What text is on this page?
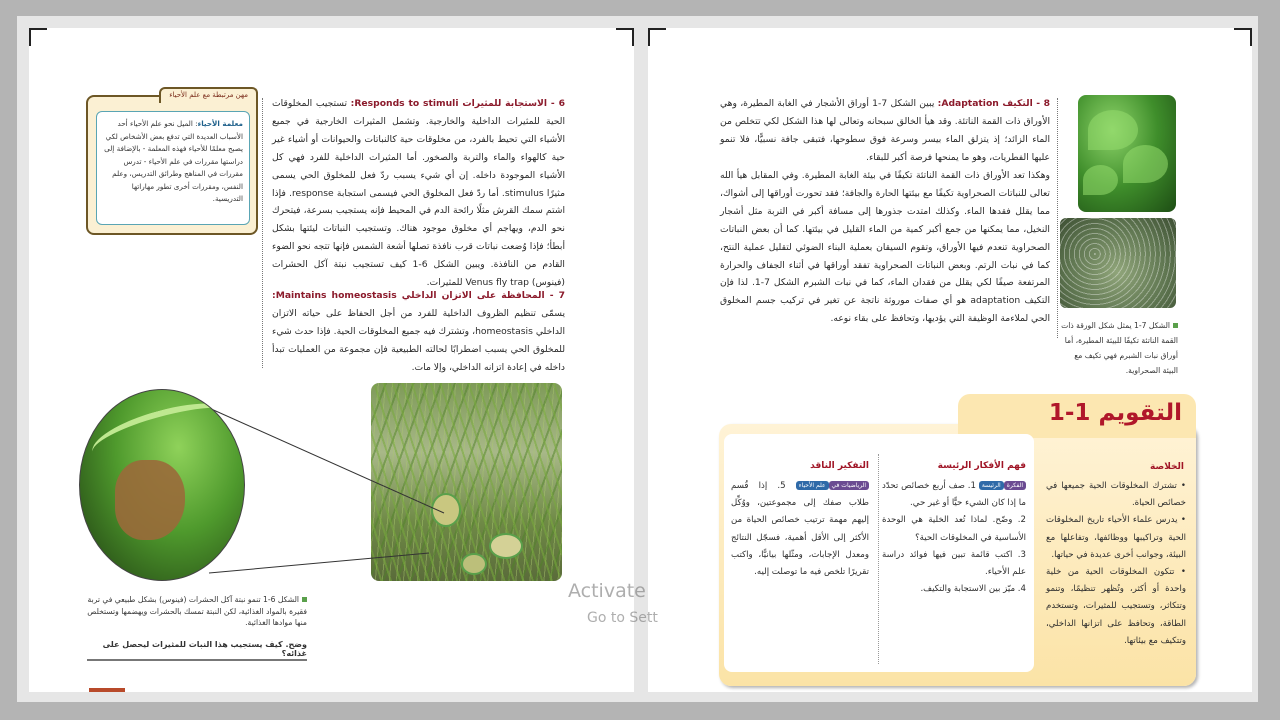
مهن مرتبطة مع علم الأحياء
معلمة الأحياء: الميل نحو علم الأحياء أحد الأسباب العديدة التي تدفع بعض الأشخاص لكي يصبح معلمًا للأحياء فهذه المعلمة - بالإضافة إلى دراستها مقررات في علم الأحياء - تدرس مقررات في المناهج وطرائق التدريس، وعلم النفس، ومقررات أخرى تطور مهاراتها التدريسية.
6 - الاستجابة للمثيرات Responds to stimuli: تستجيب المخلوقات الحية للمثيرات الداخلية والخارجية. وتشمل المثيرات الخارجية في جميع الأشياء التي تحيط بالفرد، من مخلوقات حية كالنباتات والحيوانات أو أشياء غير حية كالهواء والماء والتربة والصخور. أما المثيرات الداخلية للفرد فهي كل الأشياء الموجودة داخله. إن أي شيء يسبب ردّ فعل للمخلوق الحي يسمى مثيرًا stimulus. أما ردّ فعل المخلوق الحي فيسمى استجابة response. فإذا اشتم سمك القرش مثلًا رائحة الدم في المحيط فإنه يستجيب بسرعة، فيتحرك نحو الدم، ويهاجم أي مخلوق موجود هناك. وتستجيب النباتات ليئتها بشكل أبطأ؛ فإذا وُضعت نباتات قرب نافذة تصلها أشعة الشمس فإنها تتجه نحو الضوء القادم من النافذة. ويبين الشكل 6-1 كيف تستجيب نبتة آكل الحشرات (فينوس) Venus fly trap للمثيرات.
7 - المحافظة على الاتزان الداخلي Maintains homeostasis: يسمّى تنظيم الظروف الداخلية للفرد من أجل الحفاظ على حياته الاتزان الداخلي homeostasis، وتشترك فيه جميع المخلوقات الحية. فإذا حدث شيء للمخلوق الحي يسبب اضطرابًا لحالته الطبيعية فإن مجموعة من العمليات تبدأ داخله في إعادة اتزانه الداخلي، وإلا مات.
الشكل 6-1 تنمو نبتة آكل الحشرات (فينوس) بشكل طبيعي في تربة فقيرة بالمواد الغذائية، لكن النبتة تمسك بالحشرات ويهضمها وتستخلص منها موادها الغذائية.
وضح. كيف يستجيب هذا النبات للمثيرات ليحصل على غذائه؟
8 - التكيف Adaptation: يبين الشكل 7-1 أوراق الأشجار في الغابة المطيرة، وهي الأوراق ذات القمة الناتئة. وقد هيأ الخالق سبحانه وتعالى لها هذا الشكل لكي تتخلص من الماء الزائد؛ إذ يتزلق الماء بيسر وسرعة فوق سطوحها، فتبقى جافة نسبيًّا، فلا تنمو عليها الفطريات، وهو ما يمنحها فرصة أكبر للبقاء.
وهكذا تعد الأوراق ذات القمة الناتئة تكيفًا في بيئة الغابة المطيرة. وفي المقابل هيأ الله تعالى للنباتات الصحراوية تكيفًا مع بيئتها الحارة والجافة؛ فقد تحورت أوراقها إلى أشواك، مما يقلل فقدها الماء. وكذلك امتدت جذورها إلى مسافة أكبر في التربة مثل أشجار النخيل، مما يمكنها من جمع أكبر كمية من الماء القليل في بيئتها. كما أن بعض النباتات الصحراوية تنعدم فيها الأوراق، وتقوم السيقان بعملية البناء الضوئي لتقليل عملية النتح، كما في نبات الرتم. وبعض النباتات الصحراوية تفقد أوراقها في أثناء الجفاف والحرارة المرتفعة صيفًا لكي يقلل من فقدان الماء، كما في نبات الشبرم الشكل 7-1. لذا فإن التكيف adaptation هو أي صفات موروثة ناتجة عن تغير في تركيب جسم المخلوق الحي لملاءمة الوظيفة التي يؤديها، وتحافظ على بقاء نوعه.
الشكل 7-1 يمثل شكل الورقة ذات القمة الناتئة تكيفًا للبيئة المطيرة، أما أوراق نبات الشبرم فهي تكيف مع البيئة الصحراوية.
التقويم 1-1
الخلاصة
• تشترك المخلوقات الحية جميعها في خصائص الحياة.
• يدرس علماء الأحياء تاريخ المخلوقات الحية وتراكيبها ووظائفها، وتفاعلها مع البيئة، وجوانب أخرى عديدة في حياتها.
• تتكون المخلوقات الحية من خلية واحدة أو أكثر، وتُظهر تنظيمًا، وتنمو وتتكاثر، وتستجيب للمثيرات، وتستخدم الطاقة، وتحافظ على اتزانها الداخلي، وتتكيف مع بيئاتها.
فهم الأفكار الرئيسة
الفكرةالرئيسة 1. صف أربع خصائص تحدّد ما إذا كان الشيء حيًّا أو غير حي.
2. وضّح. لماذا تُعد الخلية هي الوحدة الأساسية في المخلوقات الحية؟
3. اكتب قائمة تبين فيها فوائد دراسة علم الأحياء.
4. ميّز بين الاستجابة والتكيف.
التفكير الناقد
الرياضيات فيعلم الأحياء 5. إذا قُسم طلاب صفك إلى مجموعتين، ووُكِّل إليهم مهمة ترتيب خصائص الحياة من الأكثر إلى الأقل أهمية، فسجّل النتائج ومعدل الإجابات، ومثّلها بيانيًّا، واكتب تقريرًا تلخص فيه ما توصلت إليه.
Activate
Go to Sett
